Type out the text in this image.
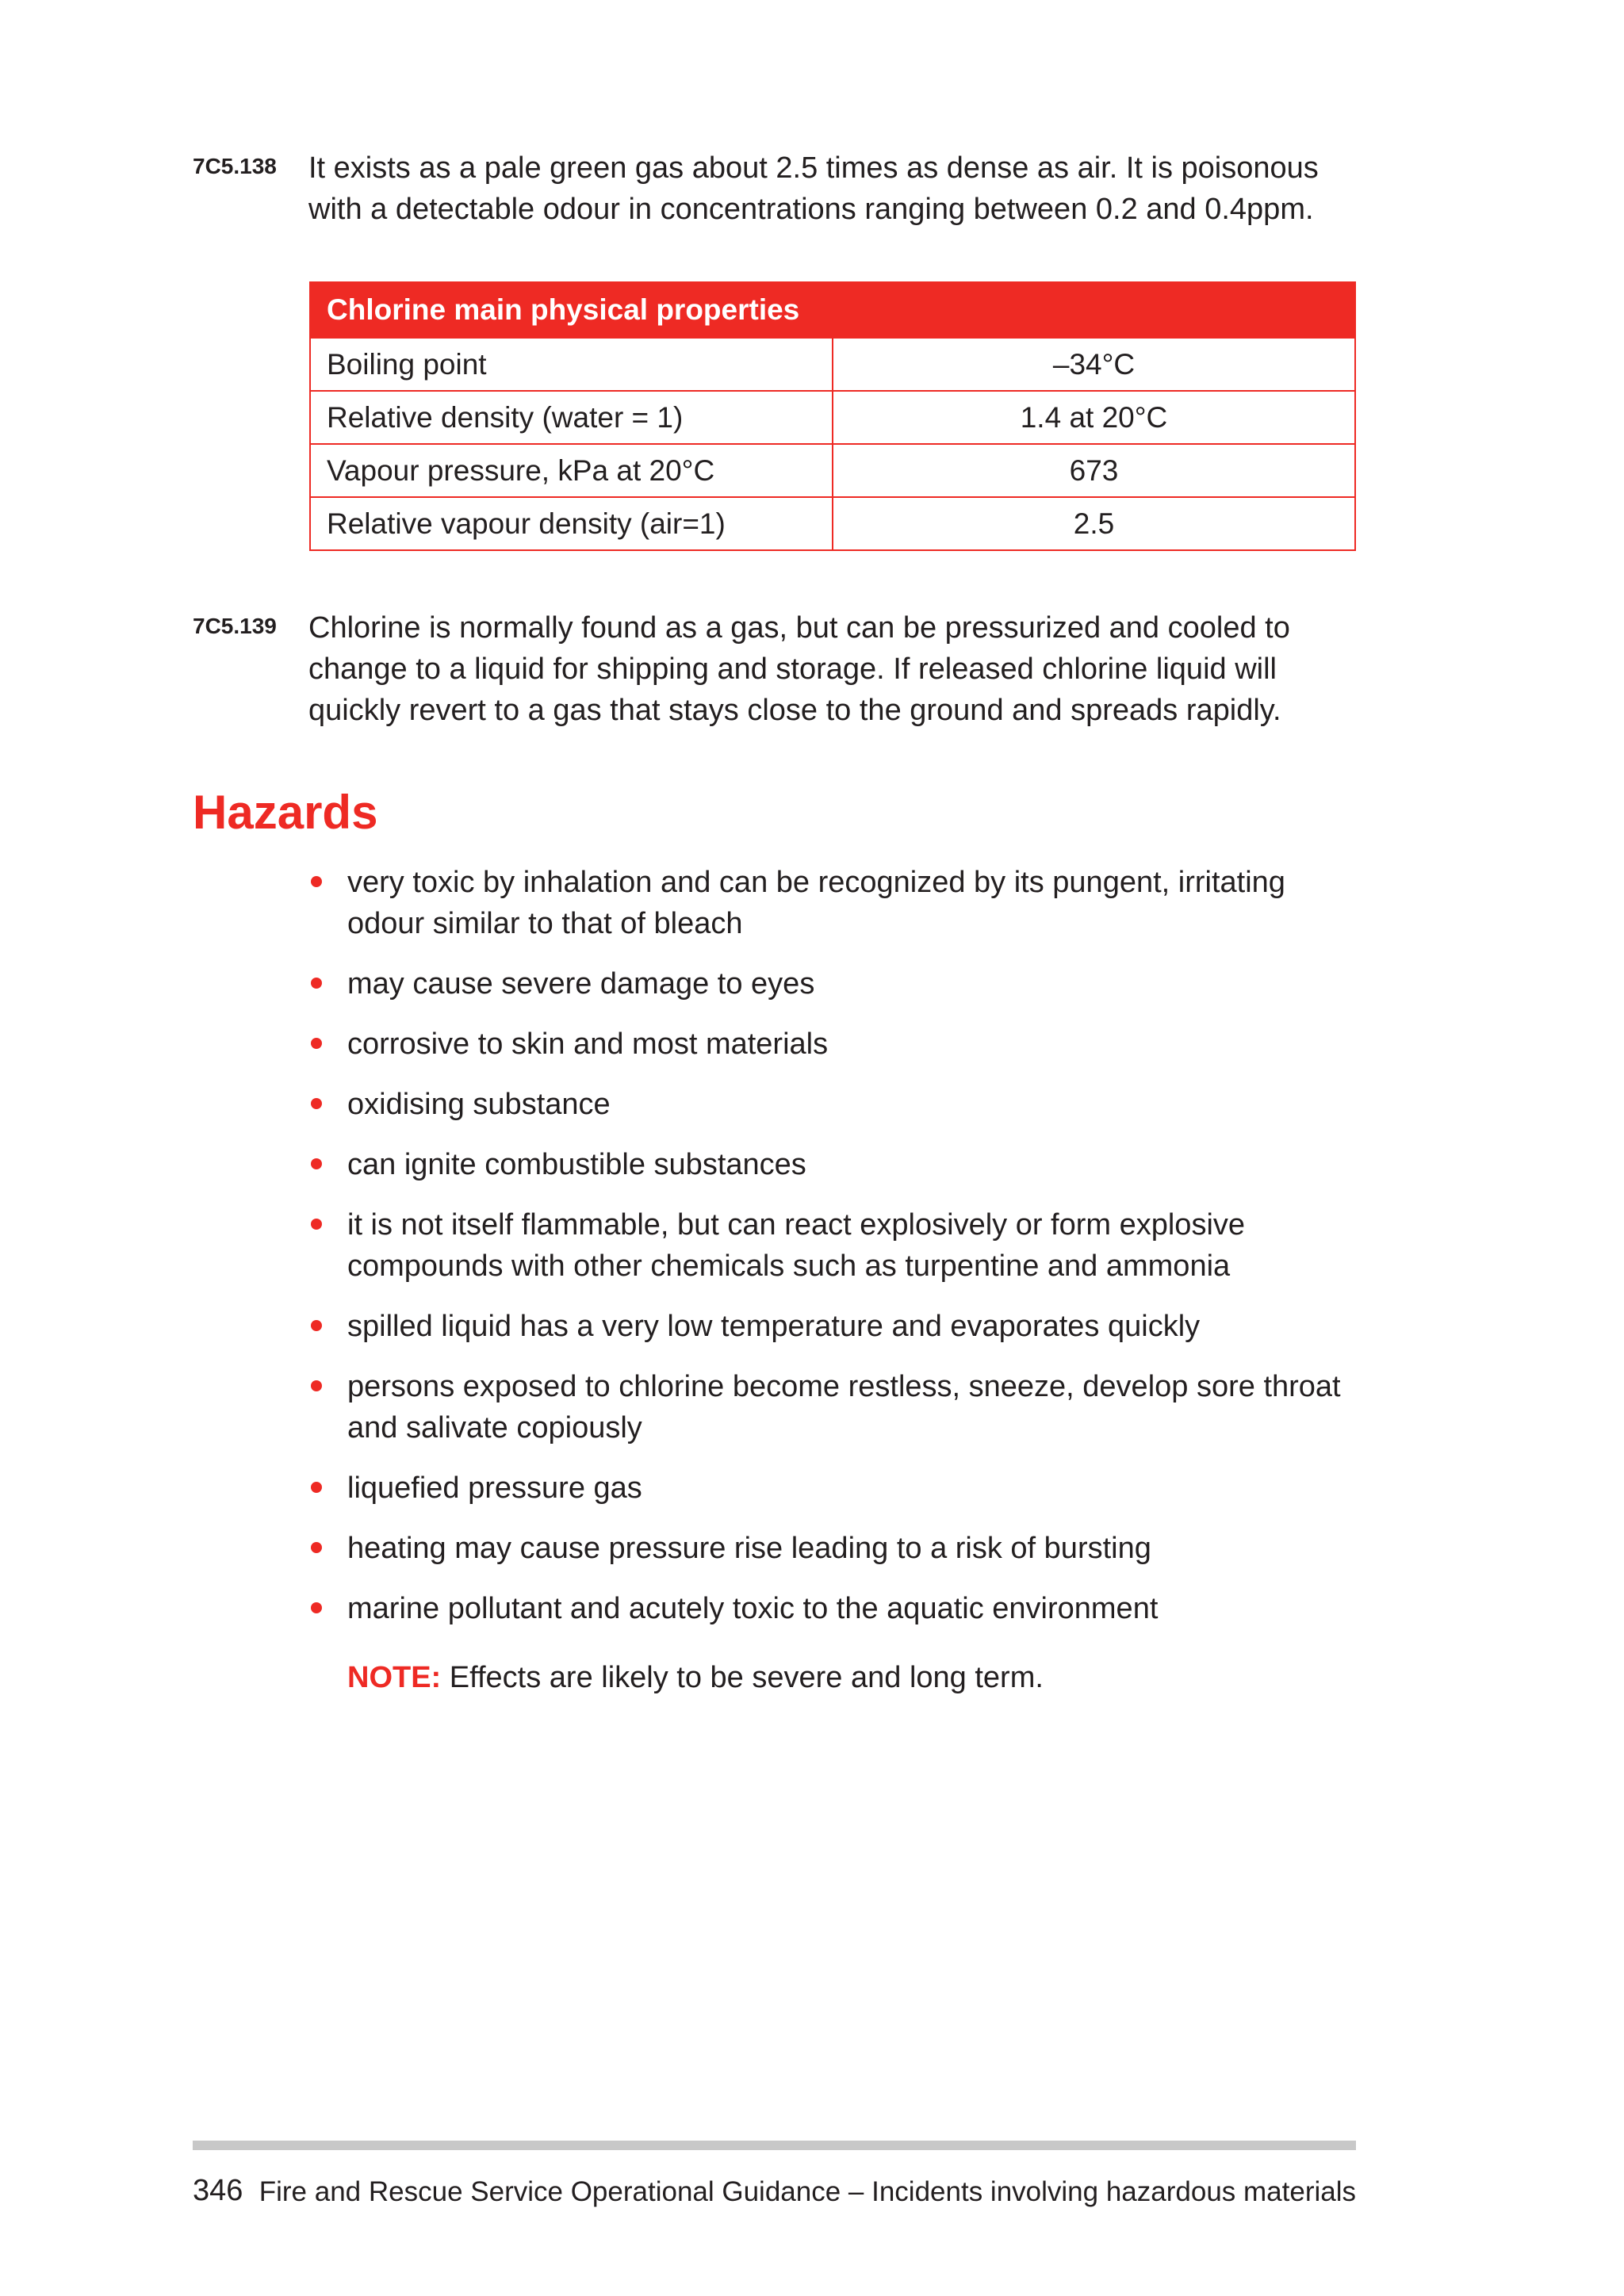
7C5.138 It exists as a pale green gas about 2.5 times as dense as air. It is poisonous with a detectable odour in concentrations ranging between 0.2 and 0.4ppm.
Chlorine main physical properties	
Boiling point	–34°C
Relative density (water = 1)	1.4 at 20°C
Vapour pressure, kPa at 20°C	673
Relative vapour density (air=1)	2.5
7C5.139 Chlorine is normally found as a gas, but can be pressurized and cooled to change to a liquid for shipping and storage. If released chlorine liquid will quickly revert to a gas that stays close to the ground and spreads rapidly.
Hazards
very toxic by inhalation and can be recognized by its pungent, irritating odour similar to that of bleach
may cause severe damage to eyes
corrosive to skin and most materials
oxidising substance
can ignite combustible substances
it is not itself flammable, but can react explosively or form explosive compounds with other chemicals such as turpentine and ammonia
spilled liquid has a very low temperature and evaporates quickly
persons exposed to chlorine become restless, sneeze, develop sore throat and salivate copiously
liquefied pressure gas
heating may cause pressure rise leading to a risk of bursting
marine pollutant and acutely toxic to the aquatic environment
NOTE: Effects are likely to be severe and long term.
346 Fire and Rescue Service Operational Guidance – Incidents involving hazardous materials
